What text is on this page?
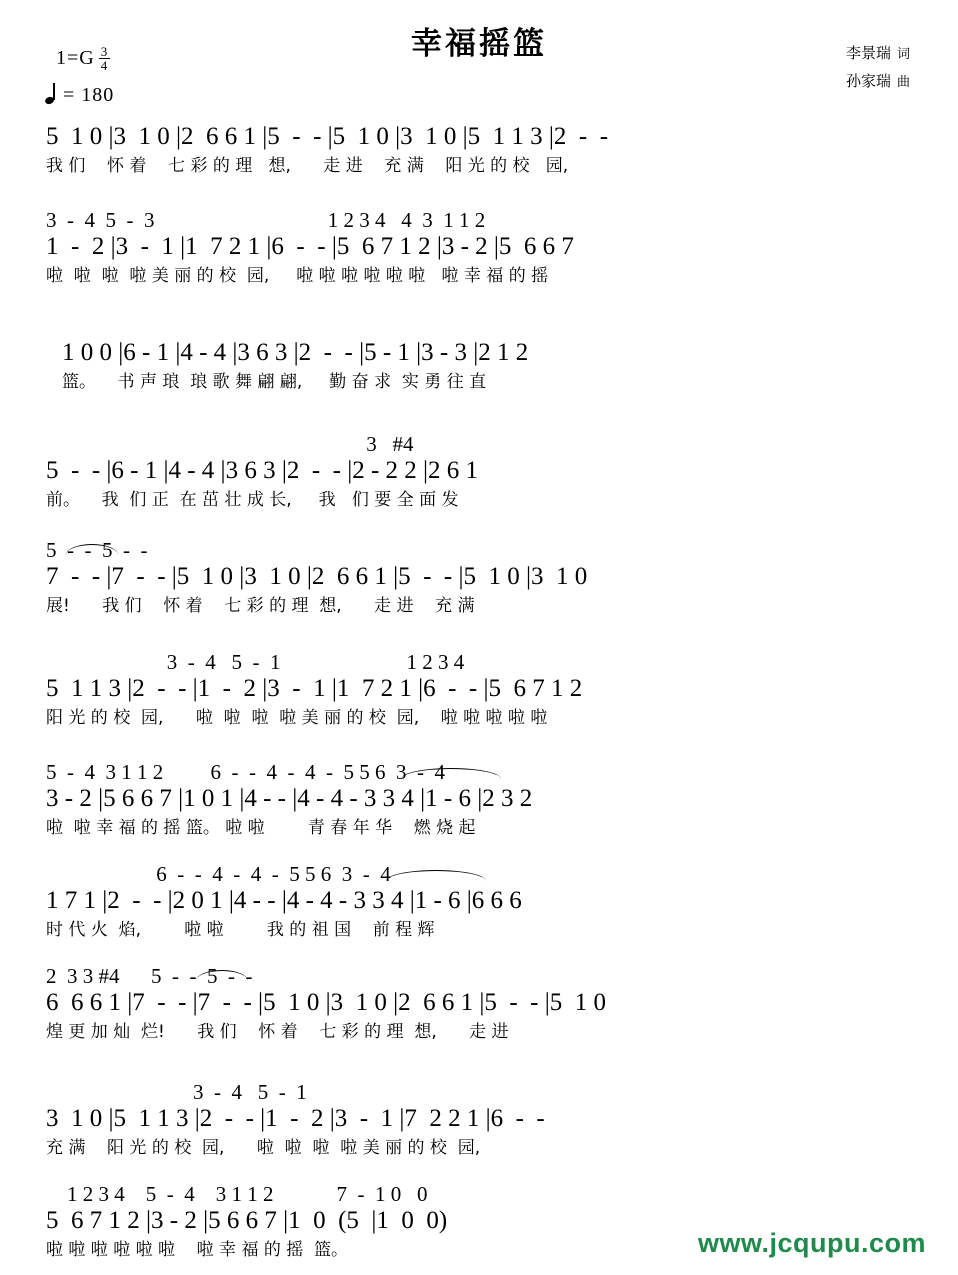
幸福摇篮	李景瑞 词
孙家瑞 曲
$1=G \frac{3}{4}$
= 180
5  1 0 |3  1 0 |2  6 6 1 |5  -  - |5  1 0 |3  1 0 |5  1 1 3 |2  -  -
我 们    怀 着    七 彩 的 理   想,      走 进    充 满    阳 光 的 校   园,
3  -  4  5  -  3                                 1 2 3 4   4  3  1 1 2
1  -  2 |3  -  1 |1  7 2 1 |6  -  - |5  6 7 1 2 |3 - 2 |5  6 6 7
啦  啦  啦  啦 美 丽 的 校  园,     啦 啦 啦 啦 啦 啦   啦 幸 福 的 摇
1 0 0 |6 - 1 |4 - 4 |3 6 3 |2  -  - |5 - 1 |3 - 3 |2 1 2
篮。    书 声 琅  琅 歌 舞 翩 翩,     勤 奋 求  实 勇 往 直
3   #4
5  -  - |6 - 1 |4 - 4 |3 6 3 |2  -  - |2 - 2 2 |2 6 1
前。    我  们 正  在 茁 壮 成 长,     我   们 要 全 面 发
5  -  -  5  -  -
7  -  - |7  -  - |5  1 0 |3  1 0 |2  6 6 1 |5  -  - |5  1 0 |3  1 0
展!      我 们    怀 着    七 彩 的 理  想,      走 进    充 满
3  -  4   5  -  1                        1 2 3 4
5  1 1 3 |2  -  - |1  -  2 |3  -  1 |1  7 2 1 |6  -  - |5  6 7 1 2
阳 光 的 校  园,      啦  啦  啦  啦 美 丽 的 校  园,    啦 啦 啦 啦 啦
5  -  4  3 1 1 2         6  -  -  4  -  4  -  5 5 6  3  -  4
3 - 2 |5 6 6 7 |1 0 1 |4 - - |4 - 4 - 3 3 4 |1 - 6 |2 3 2
啦  啦 幸 福 的 摇 篮。 啦 啦        青 春 年 华    燃 烧 起
6  -  -  4  -  4  -  5 5 6  3  -  4
1 7 1 |2  -  - |2 0 1 |4 - - |4 - 4 - 3 3 4 |1 - 6 |6 6 6
时 代 火  焰,        啦 啦        我 的 祖 国    前 程 辉
2  3 3 #4      5  -  -  5  -  -
6  6 6 1 |7  -  - |7  -  - |5  1 0 |3  1 0 |2  6 6 1 |5  -  - |5  1 0
煌 更 加 灿  烂!      我 们    怀 着    七 彩 的 理  想,      走 进
3  -  4   5  -  1
3  1 0 |5  1 1 3 |2  -  - |1  -  2 |3  -  1 |7  2 2 1 |6  -  -
充 满    阳 光 的 校  园,      啦  啦  啦  啦 美 丽 的 校  园,
1 2 3 4    5  -  4    3 1 1 2            7  -  1 0   0
5  6 7 1 2 |3 - 2 |5 6 6 7 |1  0  (5  |1  0  0)
啦 啦 啦 啦 啦 啦    啦 幸 福 的 摇  篮。	www.jcqupu.com
